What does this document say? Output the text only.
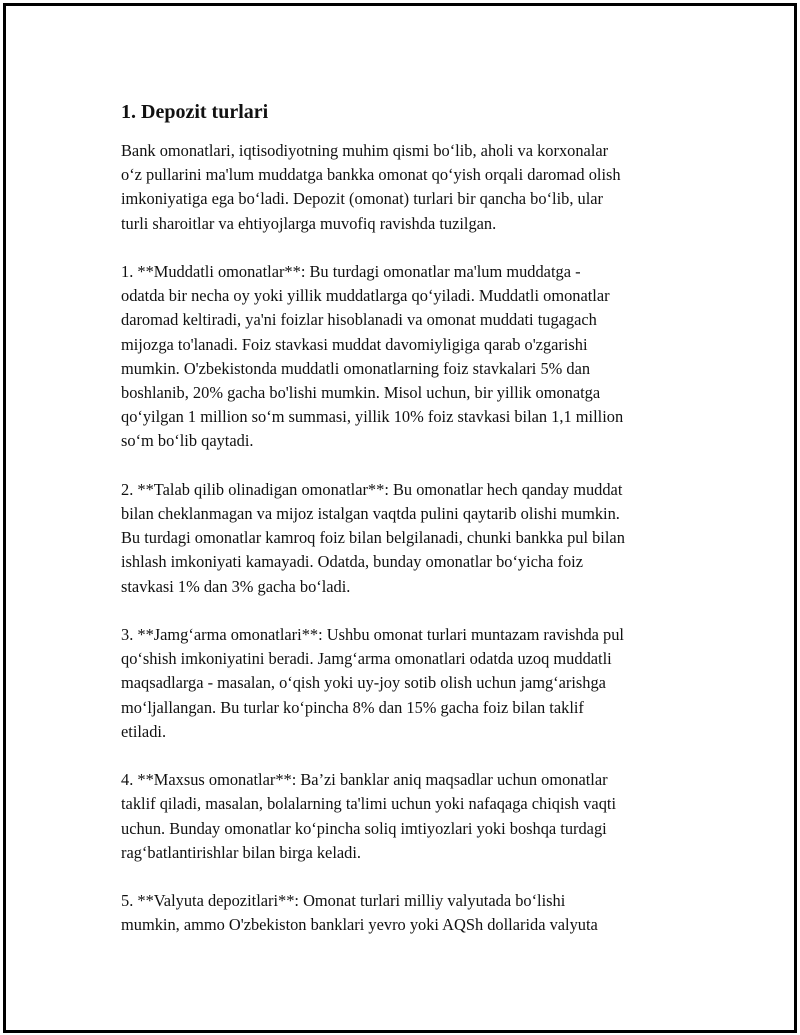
1. Depozit turlari
Bank omonatlari, iqtisodiyotning muhim qismi bo‘lib, aholi va korxonalar
o‘z pullarini ma'lum muddatga bankka omonat qo‘yish orqali daromad olish
imkoniyatiga ega bo‘ladi. Depozit (omonat) turlari bir qancha bo‘lib, ular
turli sharoitlar va ehtiyojlarga muvofiq ravishda tuzilgan.
1. **Muddatli omonatlar**: Bu turdagi omonatlar ma'lum muddatga -
odatda bir necha oy yoki yillik muddatlarga qo‘yiladi. Muddatli omonatlar
daromad keltiradi, ya'ni foizlar hisoblanadi va omonat muddati tugagach
mijozga to'lanadi. Foiz stavkasi muddat davomiyligiga qarab o'zgarishi
mumkin. O'zbekistonda muddatli omonatlarning foiz stavkalari 5% dan
boshlanib, 20% gacha bo'lishi mumkin. Misol uchun, bir yillik omonatga
qo‘yilgan 1 million so‘m summasi, yillik 10% foiz stavkasi bilan 1,1 million
so‘m bo‘lib qaytadi.
2. **Talab qilib olinadigan omonatlar**: Bu omonatlar hech qanday muddat
bilan cheklanmagan va mijoz istalgan vaqtda pulini qaytarib olishi mumkin.
Bu turdagi omonatlar kamroq foiz bilan belgilanadi, chunki bankka pul bilan
ishlash imkoniyati kamayadi. Odatda, bunday omonatlar bo‘yicha foiz
stavkasi 1% dan 3% gacha bo‘ladi.
3. **Jamg‘arma omonatlari**: Ushbu omonat turlari muntazam ravishda pul
qo‘shish imkoniyatini beradi. Jamg‘arma omonatlari odatda uzoq muddatli
maqsadlarga - masalan, o‘qish yoki uy-joy sotib olish uchun jamg‘arishga
mo‘ljallangan. Bu turlar ko‘pincha 8% dan 15% gacha foiz bilan taklif
etiladi.
4. **Maxsus omonatlar**: Ba’zi banklar aniq maqsadlar uchun omonatlar
taklif qiladi, masalan, bolalarning ta'limi uchun yoki nafaqaga chiqish vaqti
uchun. Bunday omonatlar ko‘pincha soliq imtiyozlari yoki boshqa turdagi
rag‘batlantirishlar bilan birga keladi.
5. **Valyuta depozitlari**: Omonat turlari milliy valyutada bo‘lishi
mumkin, ammo O'zbekiston banklari yevro yoki AQSh dollarida valyuta
